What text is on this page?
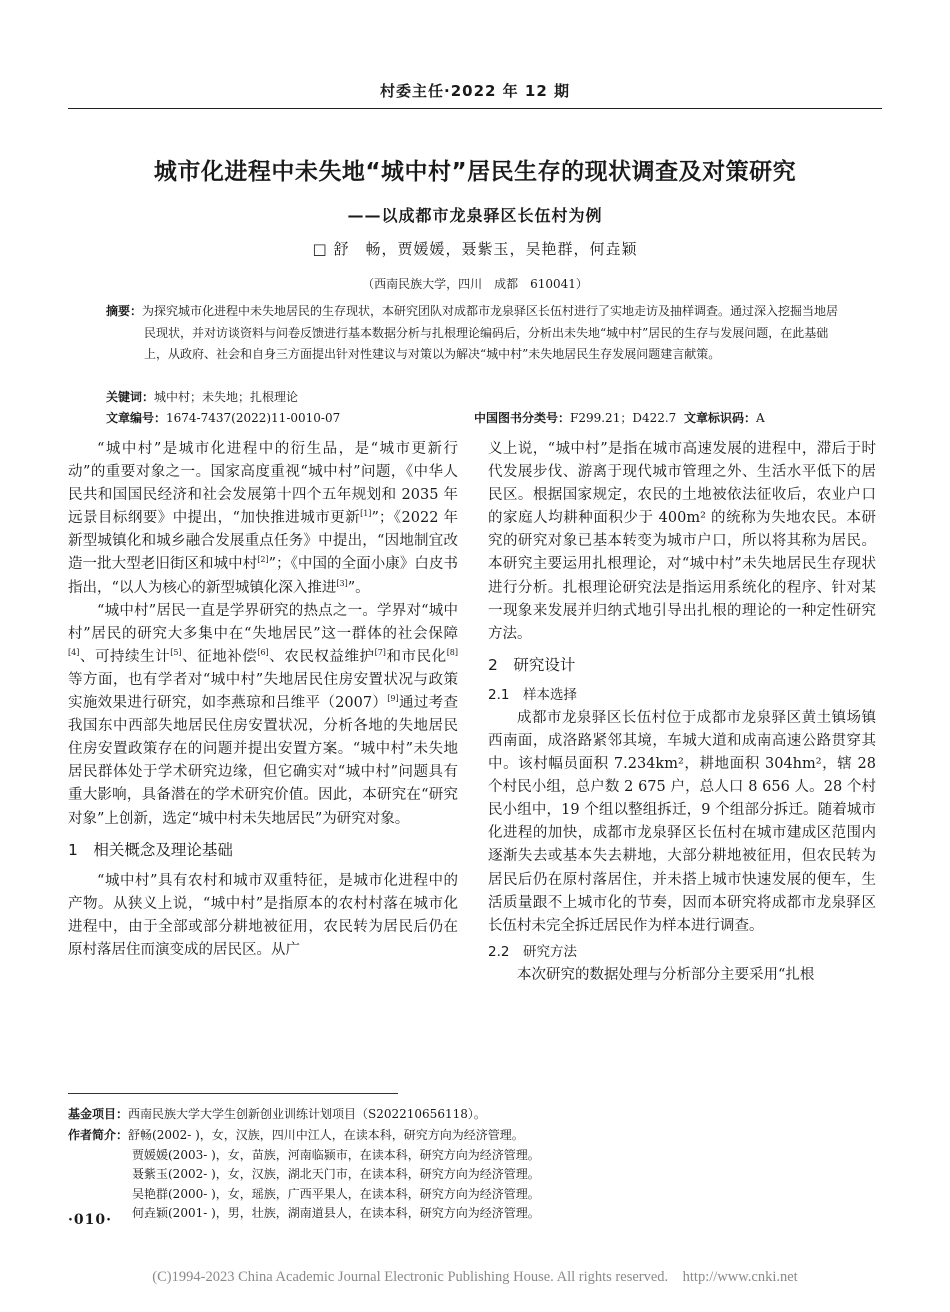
村委主任·2022 年 12 期
城市化进程中未失地“城中村”居民生存的现状调查及对策研究
——以成都市龙泉驿区长伍村为例
□ 舒　畅，贾媛媛，聂紫玉，吴艳群，何垚颖
（西南民族大学，四川　成都　610041）
摘要：为探究城市化进程中未失地居民的生存现状，本研究团队对成都市龙泉驿区长伍村进行了实地走访及抽样调查。通过深入挖掘当地居民现状，并对访谈资料与问卷反馈进行基本数据分析与扎根理论编码后，分析出未失地“城中村”居民的生存与发展问题，在此基础上，从政府、社会和自身三方面提出针对性建议与对策以为解决“城中村”未失地居民生存发展问题建言献策。
关键词：城中村；未失地；扎根理论
文章编号：1674-7437(2022)11-0010-07	中国图书分类号：F299.21；D422.7 文章标识码：A

“城中村”是城市化进程中的衍生品，是“城市更新行动”的重要对象之一。国家高度重视“城中村”问题，《中华人民共和国国民经济和社会发展第十四个五年规划和 2035 年远景目标纲要》中提出，“加快推进城市更新[1]”；《2022 年新型城镇化和城乡融合发展重点任务》中提出，“因地制宜改造一批大型老旧街区和城中村[2]”；《中国的全面小康》白皮书指出，“以人为核心的新型城镇化深入推进[3]”。

“城中村”居民一直是学界研究的热点之一。学界对“城中村”居民的研究大多集中在“失地居民”这一群体的社会保障[4]、可持续生计[5]、征地补偿[6]、农民权益维护[7]和市民化[8]等方面，也有学者对“城中村”失地居民住房安置状况与政策实施效果进行研究，如李燕琼和吕维平（2007）[9]通过考查我国东中西部失地居民住房安置状况，分析各地的失地居民住房安置政策存在的问题并提出安置方案。“城中村”未失地居民群体处于学术研究边缘，但它确实对“城中村”问题具有重大影响，具备潜在的学术研究价值。因此，本研究在“研究对象”上创新，选定“城中村未失地居民”为研究对象。

1　相关概念及理论基础

“城中村”具有农村和城市双重特征，是城市化进程中的产物。从狭义上说，“城中村”是指原本的农村村落在城市化进程中，由于全部或部分耕地被征用，农民转为居民后仍在原村落居住而演变成的居民区。从广

义上说，“城中村”是指在城市高速发展的进程中，滞后于时代发展步伐、游离于现代城市管理之外、生活水平低下的居民区。根据国家规定，农民的土地被依法征收后，农业户口的家庭人均耕种面积少于 400m² 的统称为失地农民。本研究的研究对象已基本转变为城市户口，所以将其称为居民。本研究主要运用扎根理论，对“城中村”未失地居民生存现状进行分析。扎根理论研究法是指运用系统化的程序、针对某一现象来发展并归纳式地引导出扎根的理论的一种定性研究方法。

2　研究设计
2.1　样本选择

成都市龙泉驿区长伍村位于成都市龙泉驿区黄土镇场镇西南面，成洛路紧邻其境，车城大道和成南高速公路贯穿其中。该村幅员面积 7.234km²，耕地面积 304hm²，辖 28 个村民小组，总户数 2 675 户，总人口 8 656 人。28 个村民小组中，19 个组以整组拆迁，9 个组部分拆迁。随着城市化进程的加快，成都市龙泉驿区长伍村在城市建成区范围内逐渐失去或基本失去耕地，大部分耕地被征用，但农民转为居民后仍在原村落居住，并未搭上城市快速发展的便车，生活质量跟不上城市化的节奏，因而本研究将成都市龙泉驿区长伍村未完全拆迁居民作为样本进行调查。

2.2　研究方法

本次研究的数据处理与分析部分主要采用“扎根

基金项目：西南民族大学大学生创新创业训练计划项目（S202210656118）。
作者简介：舒畅(2002- )，女，汉族，四川中江人，在读本科，研究方向为经济管理。
贾媛媛(2003- )，女，苗族，河南临颍市，在读本科，研究方向为经济管理。
聂紫玉(2002- )，女，汉族，湖北天门市，在读本科，研究方向为经济管理。
吴艳群(2000- )，女，瑶族，广西平果人，在读本科，研究方向为经济管理。
何垚颖(2001- )，男，壮族，湖南道县人，在读本科，研究方向为经济管理。
·010·
(C)1994-2023 China Academic Journal Electronic Publishing House. All rights reserved.　http://www.cnki.net
